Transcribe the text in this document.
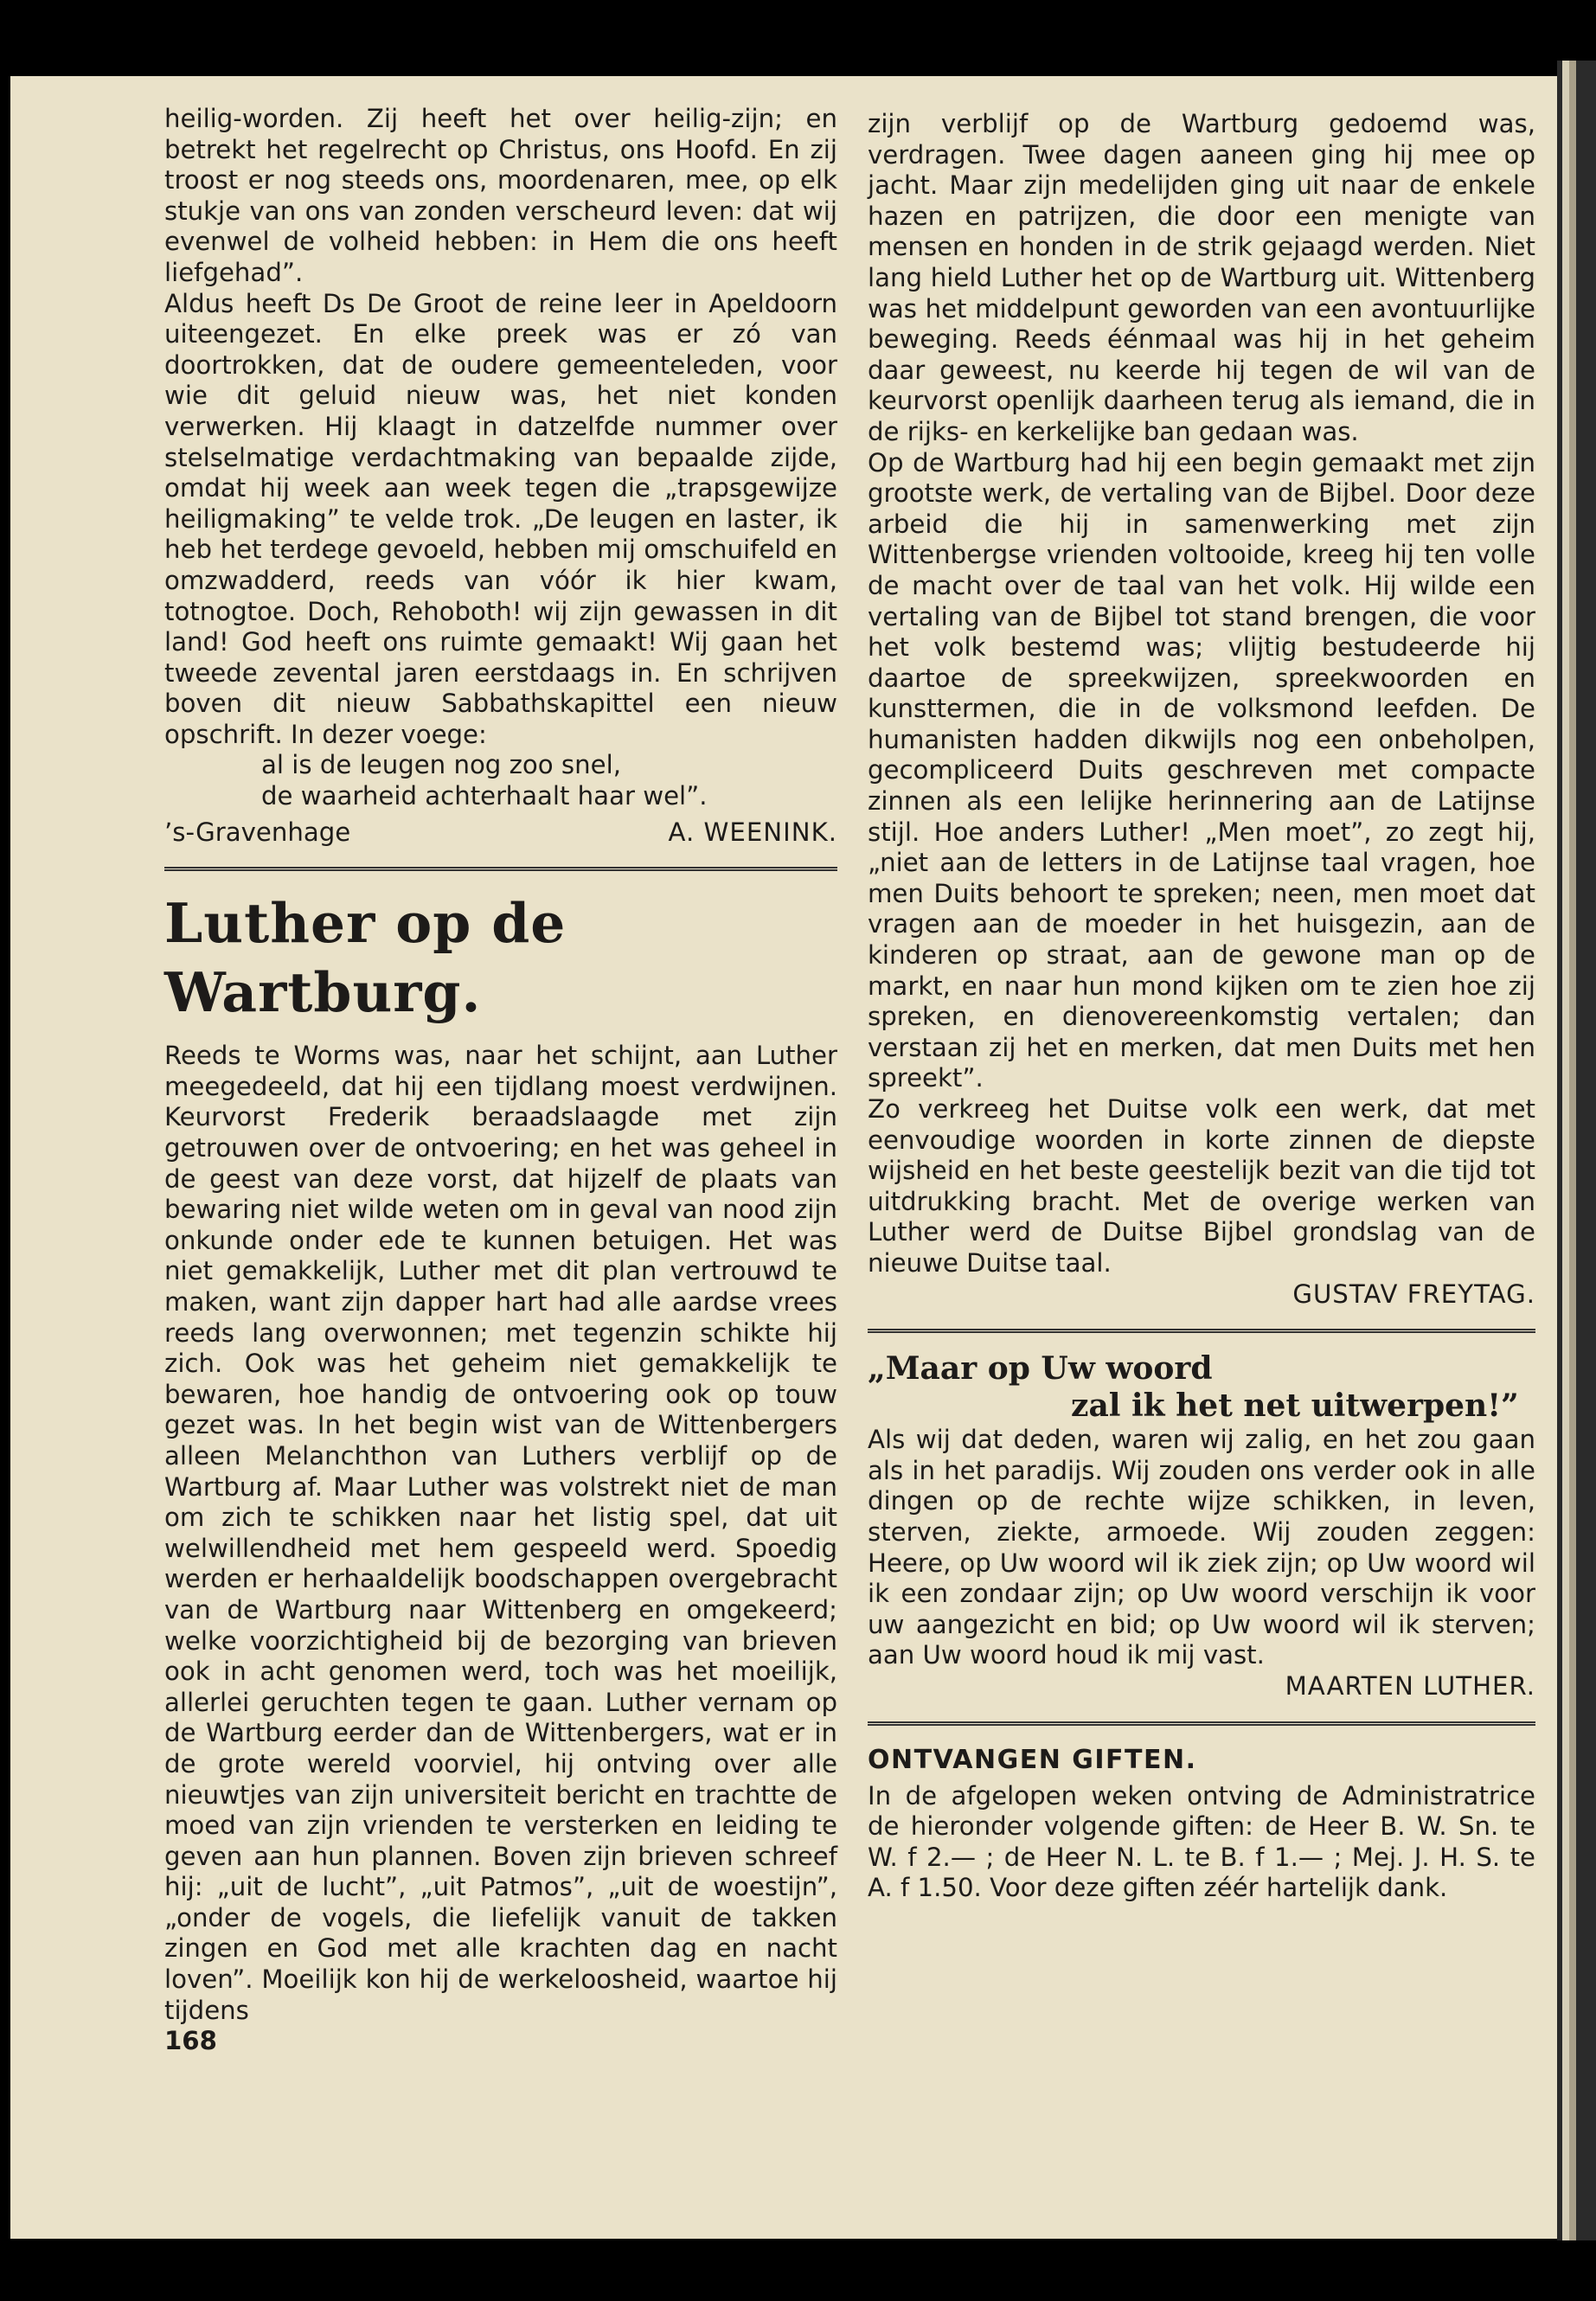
heilig-worden. Zij heeft het over heilig-zijn; en betrekt het regelrecht op Christus, ons Hoofd. En zij troost er nog steeds ons, moordenaren, mee, op elk stukje van ons van zonden verscheurd leven: dat wij evenwel de volheid hebben: in Hem die ons heeft liefgehad”.

Aldus heeft Ds De Groot de reine leer in Apeldoorn uiteengezet. En elke preek was er zó van doortrokken, dat de oudere gemeenteleden, voor wie dit geluid nieuw was, het niet konden verwerken. Hij klaagt in datzelfde nummer over stelselmatige verdachtmaking van bepaalde zijde, omdat hij week aan week tegen die „trapsgewijze heiligmaking” te velde trok. „De leugen en laster, ik heb het terdege gevoeld, hebben mij omschuifeld en omzwadderd, reeds van vóór ik hier kwam, totnogtoe. Doch, Rehoboth! wij zijn gewassen in dit land! God heeft ons ruimte gemaakt! Wij gaan het tweede zevental jaren eerstdaags in. En schrijven boven dit nieuw Sabbathskapittel een nieuw opschrift. In dezer voege:

al is de leugen nog zoo snel,

de waarheid achterhaalt haar wel”.

’s-Gravenhage	A. WEENINK.
Luther op de Wartburg.

Reeds te Worms was, naar het schijnt, aan Luther meegedeeld, dat hij een tijdlang moest verdwijnen. Keurvorst Frederik beraadslaagde met zijn getrouwen over de ontvoering; en het was geheel in de geest van deze vorst, dat hijzelf de plaats van bewaring niet wilde weten om in geval van nood zijn onkunde onder ede te kunnen betuigen. Het was niet gemakkelijk, Luther met dit plan vertrouwd te maken, want zijn dapper hart had alle aardse vrees reeds lang overwonnen; met tegenzin schikte hij zich. Ook was het geheim niet gemakkelijk te bewaren, hoe handig de ontvoering ook op touw gezet was. In het begin wist van de Wittenbergers alleen Melanchthon van Luthers verblijf op de Wartburg af. Maar Luther was volstrekt niet de man om zich te schikken naar het listig spel, dat uit welwillendheid met hem gespeeld werd. Spoedig werden er herhaaldelijk boodschappen overgebracht van de Wartburg naar Wittenberg en omgekeerd; welke voorzichtigheid bij de bezorging van brieven ook in acht genomen werd, toch was het moeilijk, allerlei geruchten tegen te gaan. Luther vernam op de Wartburg eerder dan de Wittenbergers, wat er in de grote wereld voorviel, hij ontving over alle nieuwtjes van zijn universiteit bericht en trachtte de moed van zijn vrienden te versterken en leiding te geven aan hun plannen. Boven zijn brieven schreef hij: „uit de lucht”, „uit Patmos”, „uit de woestijn”, „onder de vogels, die liefelijk vanuit de takken zingen en God met alle krachten dag en nacht loven”. Moeilijk kon hij de werkeloosheid, waartoe hij tijdens

168

zijn verblijf op de Wartburg gedoemd was, verdragen. Twee dagen aaneen ging hij mee op jacht. Maar zijn medelijden ging uit naar de enkele hazen en patrijzen, die door een menigte van mensen en honden in de strik gejaagd werden. Niet lang hield Luther het op de Wartburg uit. Wittenberg was het middelpunt geworden van een avontuurlijke beweging. Reeds éénmaal was hij in het geheim daar geweest, nu keerde hij tegen de wil van de keurvorst openlijk daarheen terug als iemand, die in de rijks- en kerkelijke ban gedaan was.

Op de Wartburg had hij een begin gemaakt met zijn grootste werk, de vertaling van de Bijbel. Door deze arbeid die hij in samenwerking met zijn Wittenbergse vrienden voltooide, kreeg hij ten volle de macht over de taal van het volk. Hij wilde een vertaling van de Bijbel tot stand brengen, die voor het volk bestemd was; vlijtig bestudeerde hij daartoe de spreekwijzen, spreekwoorden en kunsttermen, die in de volksmond leefden. De humanisten hadden dikwijls nog een onbeholpen, gecompliceerd Duits geschreven met compacte zinnen als een lelijke herinnering aan de Latijnse stijl. Hoe anders Luther! „Men moet”, zo zegt hij, „niet aan de letters in de Latijnse taal vragen, hoe men Duits behoort te spreken; neen, men moet dat vragen aan de moeder in het huisgezin, aan de kinderen op straat, aan de gewone man op de markt, en naar hun mond kijken om te zien hoe zij spreken, en dienovereenkomstig vertalen; dan verstaan zij het en merken, dat men Duits met hen spreekt”.

Zo verkreeg het Duitse volk een werk, dat met eenvoudige woorden in korte zinnen de diepste wijsheid en het beste geestelijk bezit van die tijd tot uitdrukking bracht. Met de overige werken van Luther werd de Duitse Bijbel grondslag van de nieuwe Duitse taal.

GUSTAV FREYTAG.

„Maar op Uw woord
zal ik het net uitwerpen!”

Als wij dat deden, waren wij zalig, en het zou gaan als in het paradijs. Wij zouden ons verder ook in alle dingen op de rechte wijze schikken, in leven, sterven, ziekte, armoede. Wij zouden zeggen: Heere, op Uw woord wil ik ziek zijn; op Uw woord wil ik een zondaar zijn; op Uw woord verschijn ik voor uw aangezicht en bid; op Uw woord wil ik sterven; aan Uw woord houd ik mij vast.

MAARTEN LUTHER.

ONTVANGEN GIFTEN.

In de afgelopen weken ontving de Administratrice de hieronder volgende giften: de Heer B. W. Sn. te W. f 2.— ; de Heer N. L. te B. f 1.— ; Mej. J. H. S. te A. f 1.50. Voor deze giften zéér hartelijk dank.
